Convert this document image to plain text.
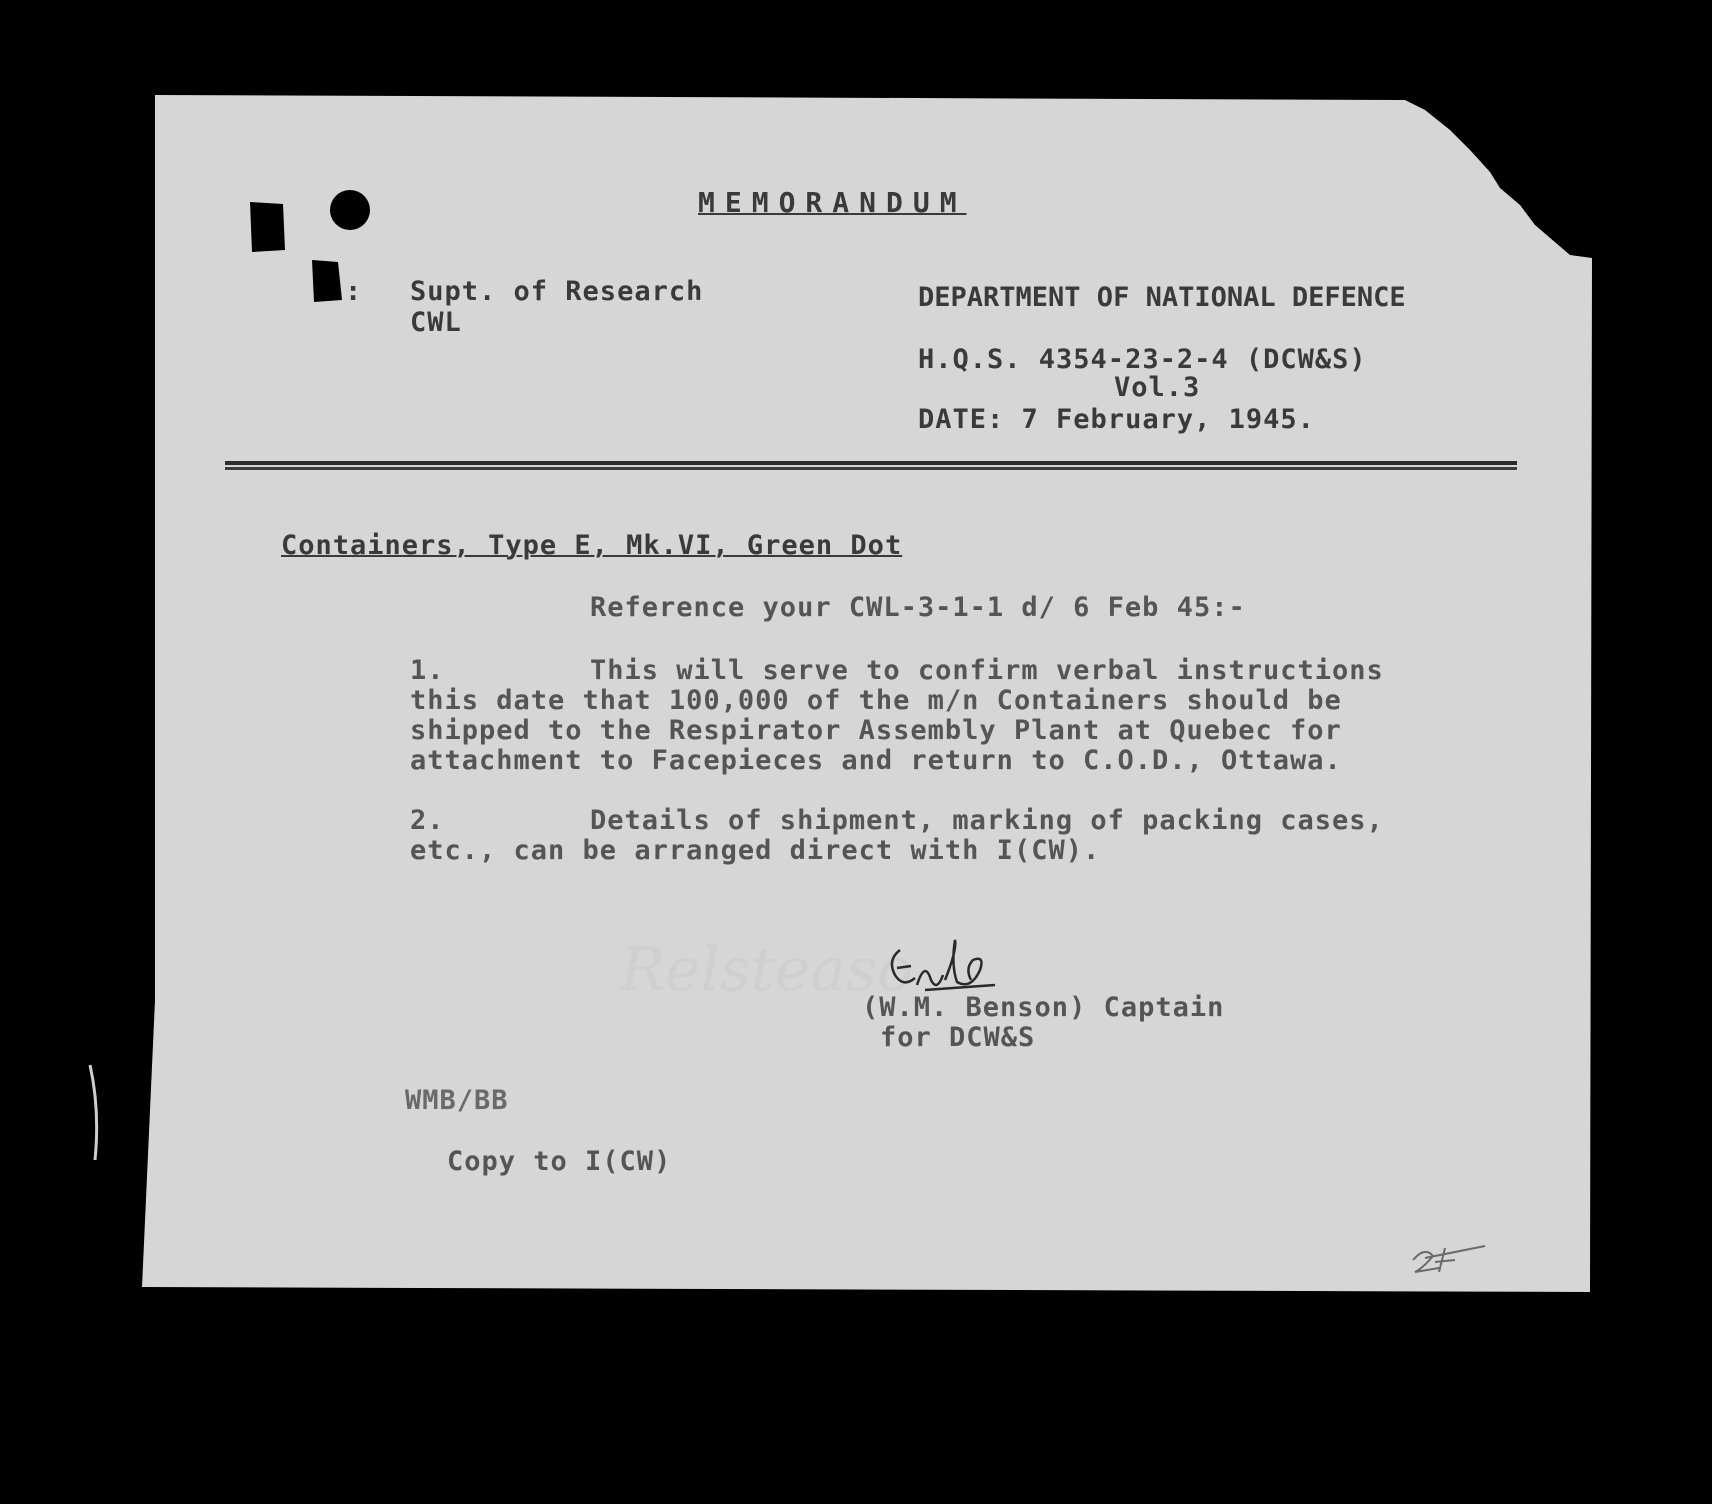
Relsteaso
MEMORANDUM
: Supt. of Research
CWL
DEPARTMENT OF NATIONAL DEFENCE
H.Q.S. 4354-23-2-4 (DCW&S)
Vol.3
DATE: 7 February, 1945.
Containers, Type E, Mk.VI, Green Dot
Reference your CWL-3-1-1 d/ 6 Feb 45:-
1.	This will serve to confirm verbal instructions
this date that 100,000 of the m/n Containers should be
shipped to the Respirator Assembly Plant at Quebec for
attachment to Facepieces and return to C.O.D., Ottawa.
2.	Details of shipment, marking of packing cases,
etc., can be arranged direct with I(CW).
(W.M. Benson) Captain
for DCW&S
WMB/BB
Copy to I(CW)
